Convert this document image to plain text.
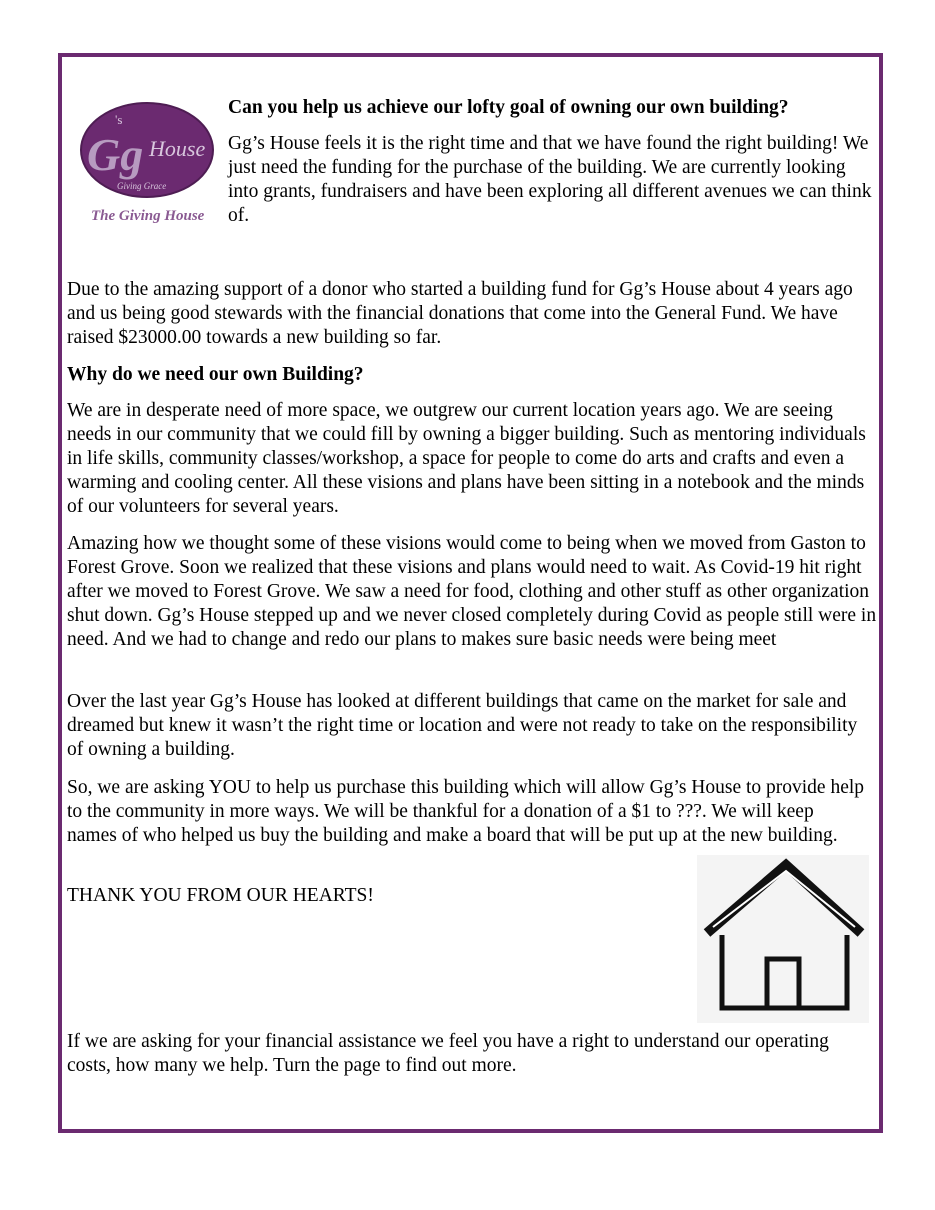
Gg
's
House
Giving Grace
The Giving House

Can you help us achieve our lofty goal of owning our own building?

Gg’s House feels it is the right time and that we have found the right building! We just need the funding for the purchase of the building. We are currently looking into grants, fundraisers and have been exploring all different avenues we can think of.

Due to the amazing support of a donor who started a building fund for Gg’s House about 4 years ago and us being good stewards with the financial donations that come into the General Fund. We have raised $23000.00 towards a new building so far.

Why do we need our own Building?

We are in desperate need of more space, we outgrew our current location years ago. We are seeing needs in our community that we could fill by owning a bigger building. Such as mentoring individuals in life skills, community classes/workshop, a space for people to come do arts and crafts and even a warming and cooling center. All these visions and plans have been sitting in a notebook and the minds of our volunteers for several years.

Amazing how we thought some of these visions would come to being when we moved from Gaston to Forest Grove. Soon we realized that these visions and plans would need to wait. As Covid-19 hit right after we moved to Forest Grove. We saw a need for food, clothing and other stuff as other organization shut down. Gg’s House stepped up and we never closed completely during Covid as people still were in need. And we had to change and redo our plans to makes sure basic needs were being meet

Over the last year Gg’s House has looked at different buildings that came on the market for sale and dreamed but knew it wasn’t the right time or location and were not ready to take on the responsibility of owning a building.

So, we are asking YOU to help us purchase this building which will allow Gg’s House to provide help to the community in more ways. We will be thankful for a donation of a $1 to ???. We will keep names of who helped us buy the building and make a board that will be put up at the new building.

THANK YOU FROM OUR HEARTS!

If we are asking for your financial assistance we feel you have a right to understand our operating costs, how many we help. Turn the page to find out more.
